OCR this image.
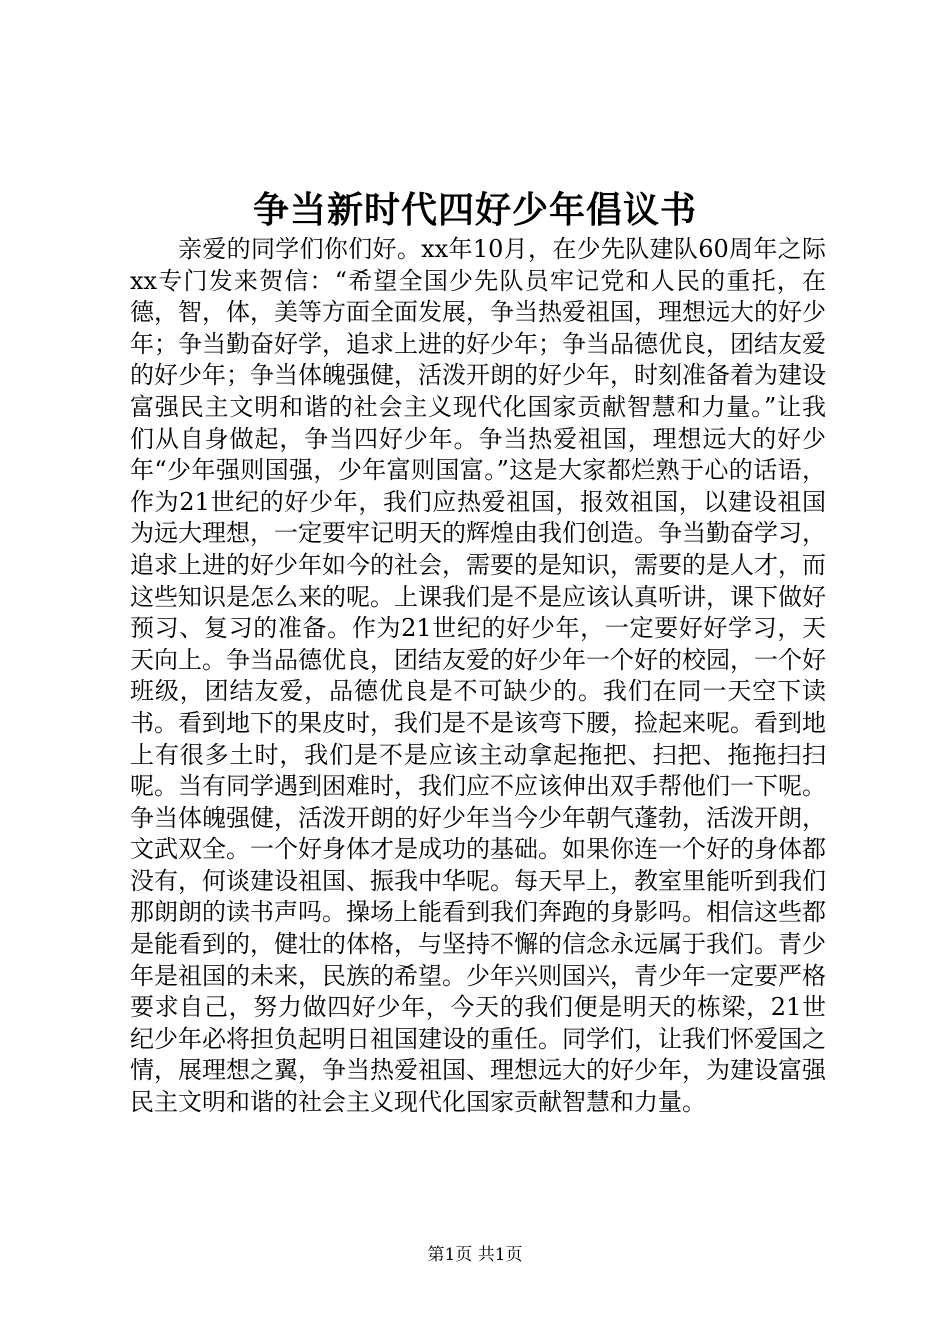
争当新时代四好少年倡议书

亲爱的同学们你们好。xx年10月，在少先队建队60周年之际xx专门发来贺信：“希望全国少先队员牢记党和人民的重托，在德，智，体，美等方面全面发展，争当热爱祖国，理想远大的好少年；争当勤奋好学，追求上进的好少年；争当品德优良，团结友爱的好少年；争当体魄强健，活泼开朗的好少年，时刻准备着为建设富强民主文明和谐的社会主义现代化国家贡献智慧和力量。”让我们从自身做起，争当四好少年。争当热爱祖国，理想远大的好少年“少年强则国强，少年富则国富。”这是大家都烂熟于心的话语，作为21世纪的好少年，我们应热爱祖国，报效祖国，以建设祖国为远大理想，一定要牢记明天的辉煌由我们创造。争当勤奋学习，追求上进的好少年如今的社会，需要的是知识，需要的是人才，而这些知识是怎么来的呢。上课我们是不是应该认真听讲，课下做好预习、复习的准备。作为21世纪的好少年，一定要好好学习，天天向上。争当品德优良，团结友爱的好少年一个好的校园，一个好班级，团结友爱，品德优良是不可缺少的。我们在同一天空下读书。看到地下的果皮时，我们是不是该弯下腰，捡起来呢。看到地上有很多土时，我们是不是应该主动拿起拖把、扫把、拖拖扫扫呢。当有同学遇到困难时，我们应不应该伸出双手帮他们一下呢。争当体魄强健，活泼开朗的好少年当今少年朝气蓬勃，活泼开朗，文武双全。一个好身体才是成功的基础。如果你连一个好的身体都没有，何谈建设祖国、振我中华呢。每天早上，教室里能听到我们那朗朗的读书声吗。操场上能看到我们奔跑的身影吗。相信这些都是能看到的，健壮的体格，与坚持不懈的信念永远属于我们。青少年是祖国的未来，民族的希望。少年兴则国兴，青少年一定要严格要求自己，努力做四好少年，今天的我们便是明天的栋梁，21世纪少年必将担负起明日祖国建设的重任。同学们，让我们怀爱国之情，展理想之翼，争当热爱祖国、理想远大的好少年，为建设富强民主文明和谐的社会主义现代化国家贡献智慧和力量。

第1页 共1页
